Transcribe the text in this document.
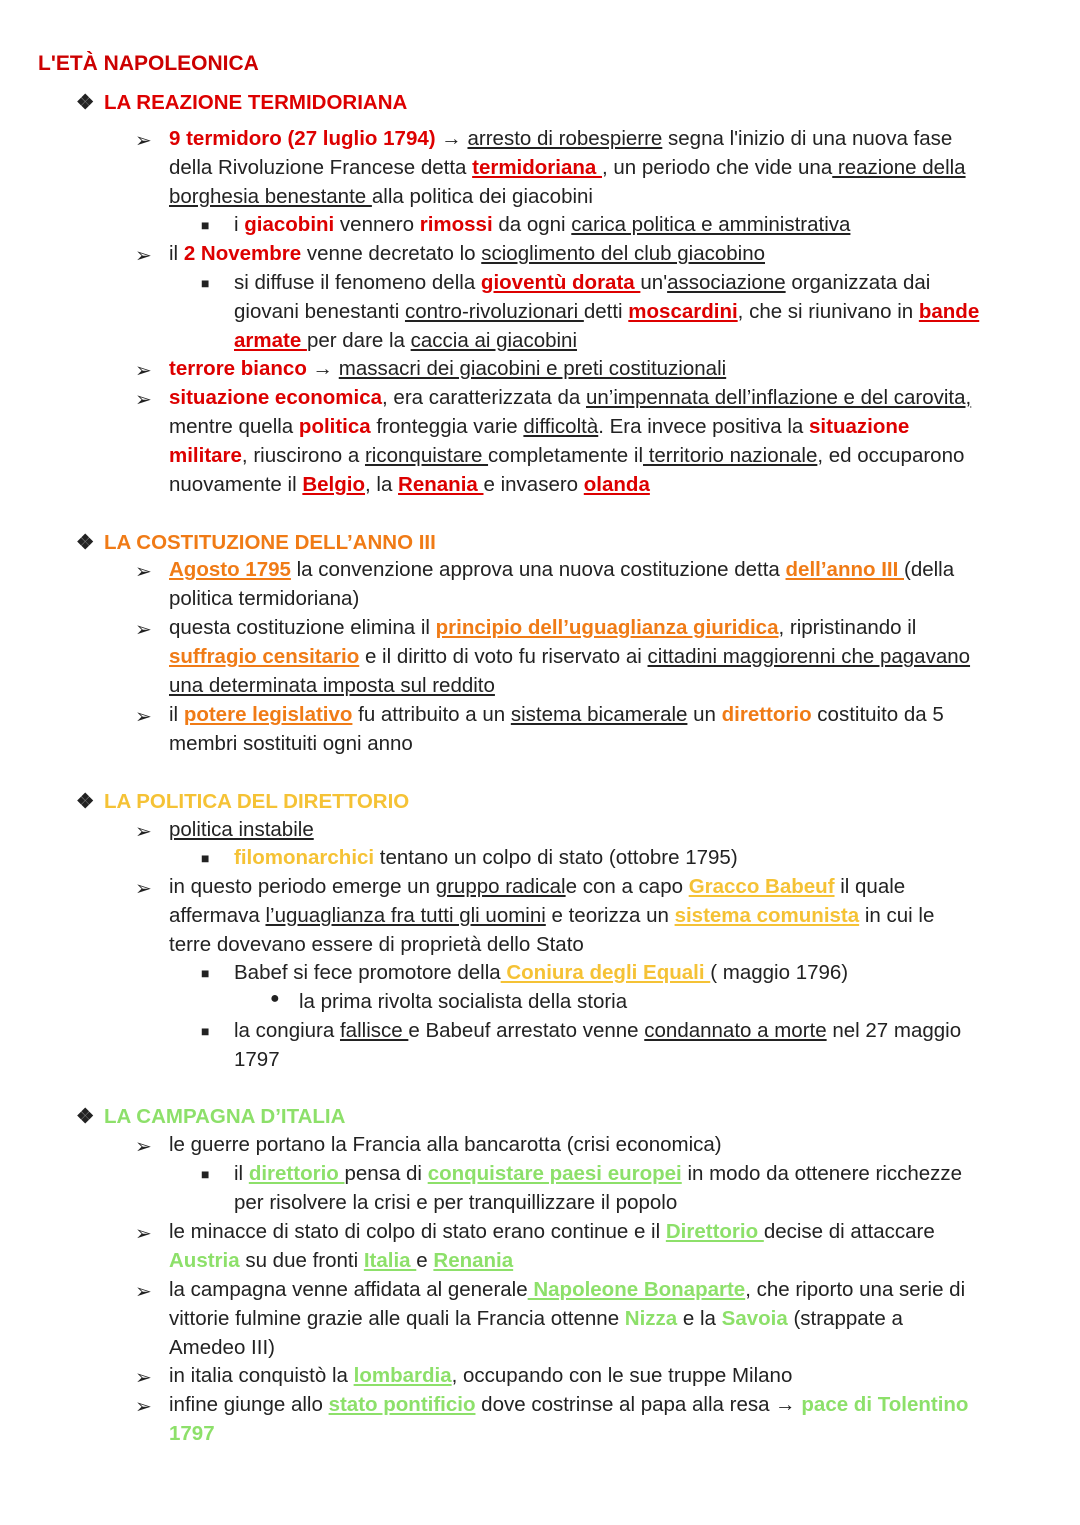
L'ETÀ NAPOLEONICA
❖ LA REAZIONE TERMIDORIANA
➢ 9 termidoro (27 luglio 1794) → arresto di robespierre segna l'inizio di una nuova fase
della Rivoluzione Francese detta termidoriana , un periodo che vide una reazione della
borghesia benestante alla politica dei giacobini
■ i giacobini vennero rimossi da ogni carica politica e amministrativa
➢ il 2 Novembre venne decretato lo scioglimento del club giacobino
■ si diffuse il fenomeno della gioventù dorata un'associazione organizzata dai
giovani benestanti contro-rivoluzionari detti moscardini, che si riunivano in bande
armate per dare la caccia ai giacobini
➢ terrore bianco → massacri dei giacobini e preti costituzionali
➢ situazione economica, era caratterizzata da un’impennata dell’inflazione e del carovita,
mentre quella politica fronteggia varie difficoltà. Era invece positiva la situazione
militare, riuscirono a riconquistare completamente il territorio nazionale, ed occuparono
nuovamente il Belgio, la Renania e invasero olanda
❖ LA COSTITUZIONE DELL’ANNO III
➢ Agosto 1795 la convenzione approva una nuova costituzione detta dell’anno III (della
politica termidoriana)
➢ questa costituzione elimina il principio dell’uguaglianza giuridica, ripristinando il
suffragio censitario e il diritto di voto fu riservato ai cittadini maggiorenni che pagavano
una determinata imposta sul reddito
➢ il potere legislativo fu attribuito a un sistema bicamerale un direttorio costituito da 5
membri sostituiti ogni anno
❖ LA POLITICA DEL DIRETTORIO
➢ politica instabile
■ filomonarchici tentano un colpo di stato (ottobre 1795)
➢ in questo periodo emerge un gruppo radicale con a capo Gracco Babeuf il quale
affermava l’uguaglianza fra tutti gli uomini e teorizza un sistema comunista in cui le
terre dovevano essere di proprietà dello Stato
■ Babef si fece promotore della Coniura degli Equali ( maggio 1796)
● la prima rivolta socialista della storia
■ la congiura fallisce e Babeuf arrestato venne condannato a morte nel 27 maggio
1797
❖ LA CAMPAGNA D’ITALIA
➢ le guerre portano la Francia alla bancarotta (crisi economica)
■ il direttorio pensa di conquistare paesi europei in modo da ottenere ricchezze
per risolvere la crisi e per tranquillizzare il popolo
➢ le minacce di stato di colpo di stato erano continue e il Direttorio decise di attaccare
Austria su due fronti Italia e Renania
➢ la campagna venne affidata al generale Napoleone Bonaparte, che riporto una serie di
vittorie fulmine grazie alle quali la Francia ottenne Nizza e la Savoia (strappate a
Amedeo III)
➢ in italia conquistò la lombardia, occupando con le sue truppe Milano
➢ infine giunge allo stato pontificio dove costrinse al papa alla resa → pace di Tolentino
1797
